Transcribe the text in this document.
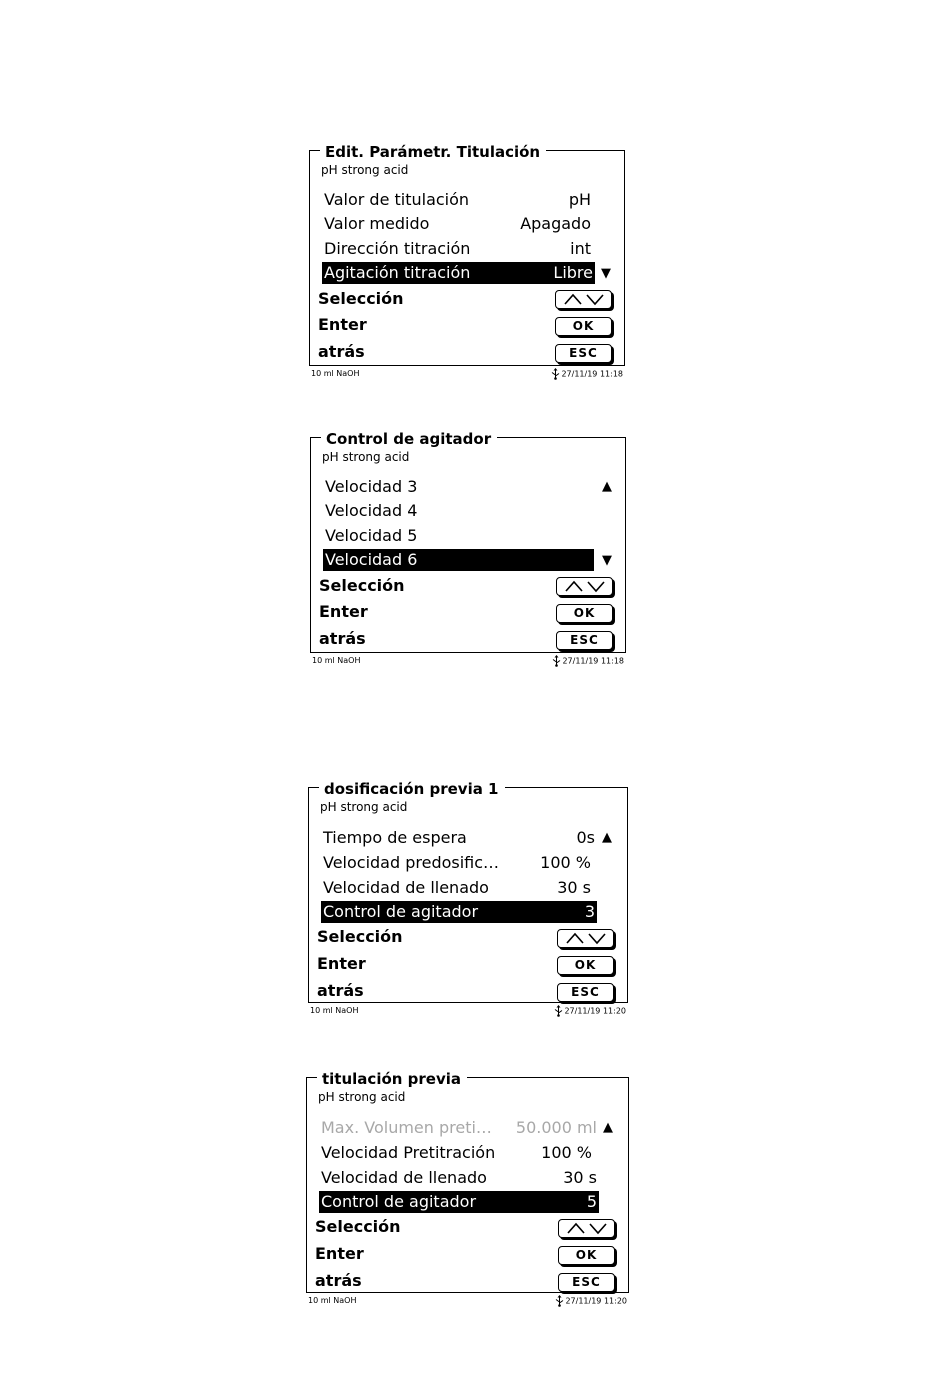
Edit. Parámetr. Titulación
pH strong acid
Valor de titulación	pH
Valor medido	Apagado
Dirección titración	int
Agitación titración	Libre ▼
Selección
Enter	OK
atrás	ESC
10 ml NaOH	27/11/19 11:18
Control de agitador
pH strong acid
Velocidad 3	▲
Velocidad 4
Velocidad 5
Velocidad 6	▼
Selección
Enter	OK
atrás	ESC
10 ml NaOH	27/11/19 11:18
dosificación previa 1
pH strong acid
Tiempo de espera	0s ▲
Velocidad predosific…	100 %
Velocidad de llenado	30 s
Control de agitador	3
Selección
Enter	OK
atrás	ESC
10 ml NaOH	27/11/19 11:20
titulación previa
pH strong acid
Max. Volumen preti… 50.000 ml ▲
Velocidad Pretitración	100 %
Velocidad de llenado	30 s
Control de agitador	5
Selección
Enter	OK
atrás	ESC
10 ml NaOH	27/11/19 11:20
